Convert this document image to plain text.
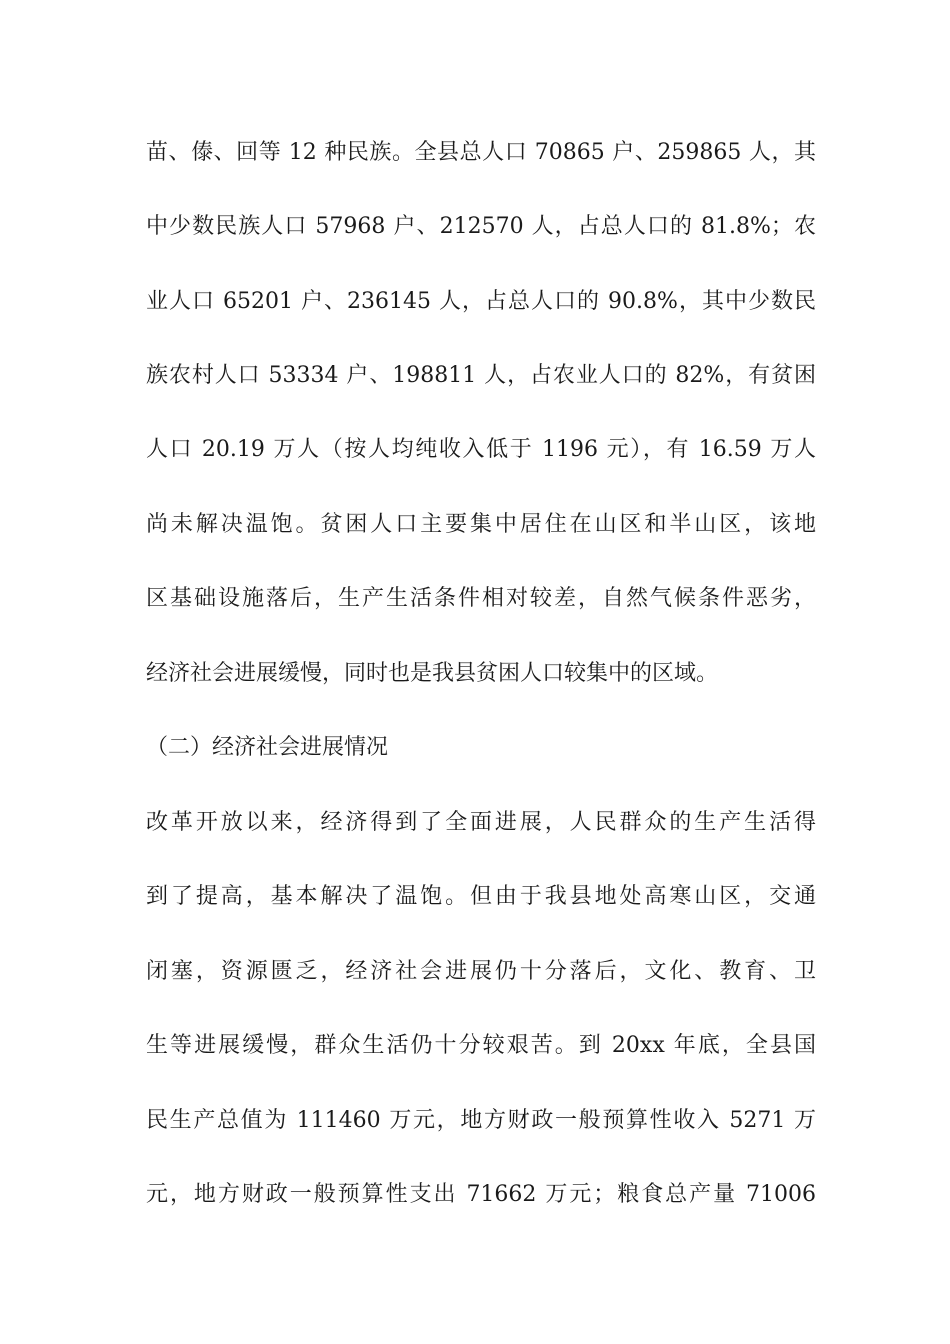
苗、傣、回等 12 种民族。全县总人口 70865 户、259865 人，其
中少数民族人口 57968 户、212570 人，占总人口的 81.8%；农
业人口 65201 户、236145 人，占总人口的 90.8%，其中少数民
族农村人口 53334 户、198811 人，占农业人口的 82%，有贫困
人口 20.19 万人（按人均纯收入低于 1196 元），有 16.59 万人
尚未解决温饱。贫困人口主要集中居住在山区和半山区，该地
区基础设施落后，生产生活条件相对较差，自然气候条件恶劣，
经济社会进展缓慢，同时也是我县贫困人口较集中的区域。
（二）经济社会进展情况
改革开放以来，经济得到了全面进展，人民群众的生产生活得
到了提高，基本解决了温饱。但由于我县地处高寒山区，交通
闭塞，资源匮乏，经济社会进展仍十分落后，文化、教育、卫
生等进展缓慢，群众生活仍十分较艰苦。到 20xx 年底，全县国
民生产总值为 111460 万元，地方财政一般预算性收入 5271 万
元，地方财政一般预算性支出 71662 万元；粮食总产量 71006
